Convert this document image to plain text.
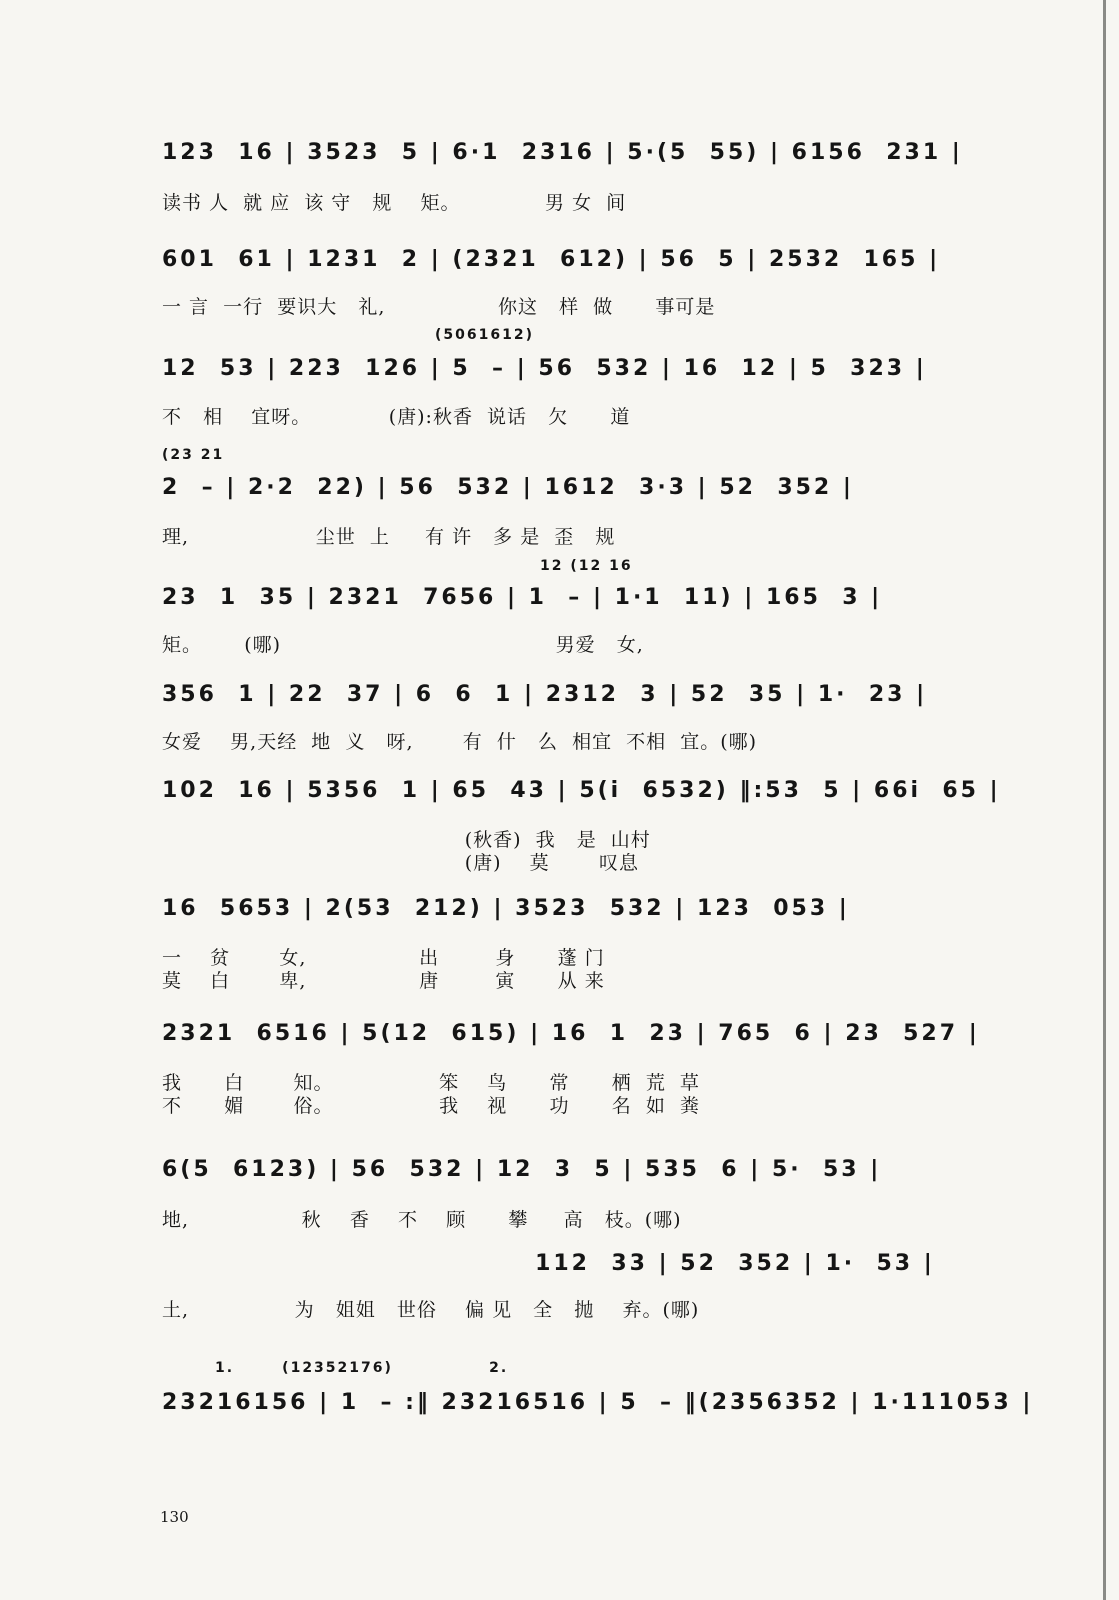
123  16 | 3523  5 | 6·1  2316 | 5·(5  55) | 6156  231 |
读书 人  就 应  该 守   规    矩。            男 女  间
601  61 | 1231  2 | (2321  612) | 56  5 | 2532  165 |
一 言  一行  要识大   礼,                你这   样  做      事可是
(5061612)
12  53 | 223  126 | 5  – | 56  532 | 16  12 | 5  323 |
不   相    宜呀。           (唐):秋香  说话   欠      道
(23 21
2  – | 2·2  22) | 56  532 | 1612  3·3 | 52  352 |
理,                  尘世  上     有 许   多 是  歪   规
12 (12 16
23  1  35 | 2321  7656 | 1  – | 1·1  11) | 165  3 |
矩。      (哪)                                       男爱   女,
356  1 | 22  37 | 6  6  1 | 2312  3 | 52  35 | 1·  23 |
女爱    男,天经  地  义   呀,       有  什   么  相宜  不相  宜。(哪)
102  16 | 5356  1 | 65  43 | 5(i  6532) ‖:53  5 | 66i  65 |
(秋香)  我   是  山村
(唐)    莫       叹息
16  5653 | 2(53  212) | 3523  532 | 123  053 |
一    贫       女,                出        身      蓬 门
莫    白       卑,                唐        寅      从 来
2321  6516 | 5(12  615) | 16  1  23 | 765  6 | 23  527 |
我      白       知。               笨    鸟      常      栖  荒  草
不      媚       俗。               我    视      功      名  如  粪
6(5  6123) | 56  532 | 12  3  5 | 535  6 | 5·  53 |
地,                秋    香    不    顾      攀     高   枝。(哪)
112  33 | 52  352 | 1·  53 |
土,               为   姐姐   世俗    偏 见   全   抛    弃。(哪)
1.       (12352176)              2.
23216156 | 1  – :‖ 23216516 | 5  – ‖(2356352 | 1·111053 |
130
